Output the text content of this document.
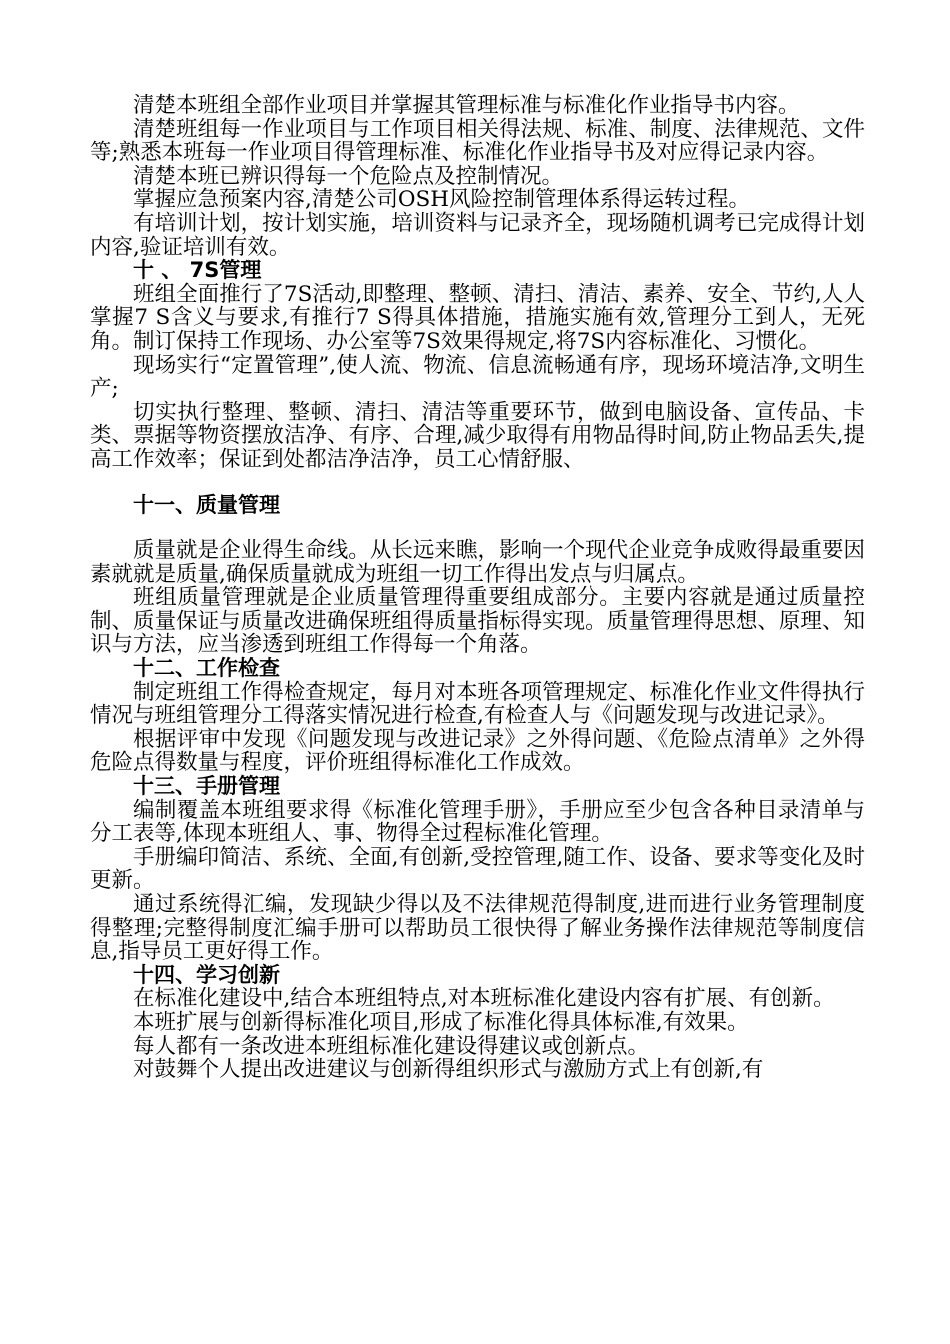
清楚本班组全部作业项目并掌握其管理标准与标准化作业指导书内容。

清楚班组每一作业项目与工作项目相关得法规、标准、制度、法律规范、文件等;熟悉本班每一作业项目得管理标准、标准化作业指导书及对应得记录内容。

清楚本班已辨识得每一个危险点及控制情况。

掌握应急预案内容,清楚公司OSH风险控制管理体系得运转过程。

有培训计划，按计划实施，培训资料与记录齐全，现场随机调考已完成得计划内容,验证培训有效。

十 、 7S管理

班组全面推行了7S活动,即整理、整顿、清扫、清洁、素养、安全、节约,人人掌握7 S含义与要求,有推行7 S得具体措施，措施实施有效,管理分工到人，无死角。制订保持工作现场、办公室等7S效果得规定,将7S内容标准化、习惯化。

现场实行“定置管理”,使人流、物流、信息流畅通有序，现场环境洁净,文明生产;

切实执行整理、整顿、清扫、清洁等重要环节，做到电脑设备、宣传品、卡类、票据等物资摆放洁净、有序、合理,减少取得有用物品得时间,防止物品丢失,提高工作效率；保证到处都洁净洁净，员工心情舒服、

十一、质量管理

质量就是企业得生命线。从长远来瞧，影响一个现代企业竞争成败得最重要因素就就是质量,确保质量就成为班组一切工作得出发点与归属点。

班组质量管理就是企业质量管理得重要组成部分。主要内容就是通过质量控制、质量保证与质量改进确保班组得质量指标得实现。质量管理得思想、原理、知识与方法，应当渗透到班组工作得每一个角落。

十二、工作检查

制定班组工作得检查规定，每月对本班各项管理规定、标准化作业文件得执行情况与班组管理分工得落实情况进行检查,有检查人与《问题发现与改进记录》。

根据评审中发现《问题发现与改进记录》之外得问题、《危险点清单》之外得危险点得数量与程度，评价班组得标准化工作成效。

十三、手册管理

编制覆盖本班组要求得《标准化管理手册》，手册应至少包含各种目录清单与分工表等,体现本班组人、事、物得全过程标准化管理。

手册编印简洁、系统、全面,有创新,受控管理,随工作、设备、要求等变化及时更新。

通过系统得汇编，发现缺少得以及不法律规范得制度,进而进行业务管理制度得整理;完整得制度汇编手册可以帮助员工很快得了解业务操作法律规范等制度信息,指导员工更好得工作。

十四、学习创新

在标准化建设中,结合本班组特点,对本班标准化建设内容有扩展、有创新。

本班扩展与创新得标准化项目,形成了标准化得具体标准,有效果。

每人都有一条改进本班组标准化建设得建议或创新点。

对鼓舞个人提出改进建议与创新得组织形式与激励方式上有创新,有
